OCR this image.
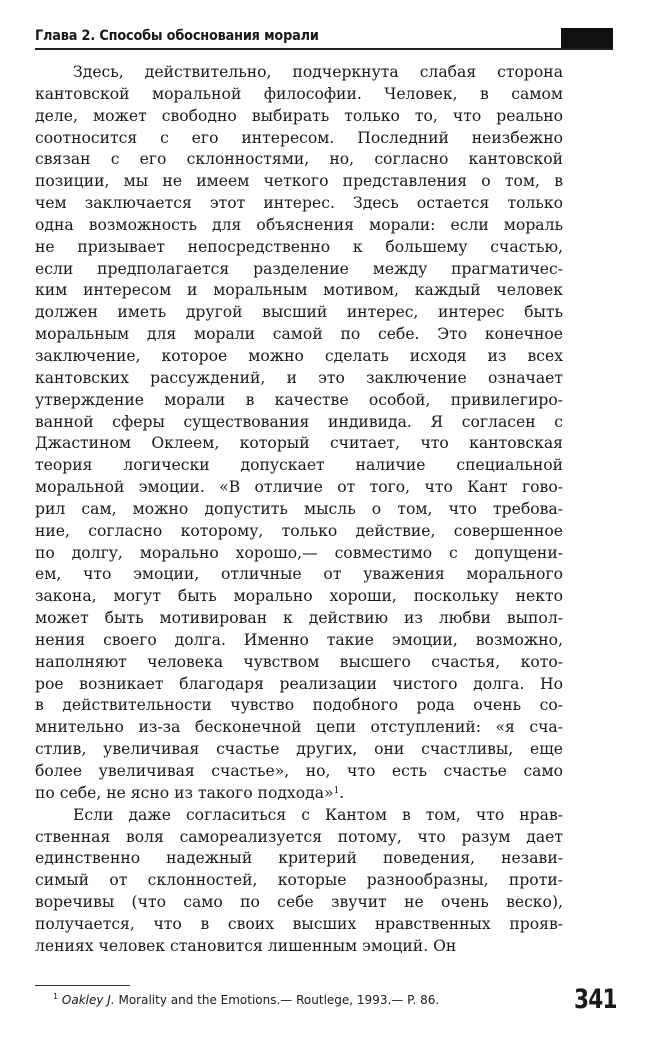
Глава 2. Способы обоснования морали
Здесь, действительно, подчеркнута слабая сторона
кантовской моральной философии. Человек, в самом
деле, может свободно выбирать только то, что реально
соотносится с его интересом. Последний неизбежно
связан с его склонностями, но, согласно кантовской
позиции, мы не имеем четкого представления о том, в
чем заключается этот интерес. Здесь остается только
одна возможность для объяснения морали: если мораль
не призывает непосредственно к большему счастью,
если предполагается разделение между прагматичес-
ким интересом и моральным мотивом, каждый человек
должен иметь другой высший интерес, интерес быть
моральным для морали самой по себе. Это конечное
заключение, которое можно сделать исходя из всех
кантовских рассуждений, и это заключение означает
утверждение морали в качестве особой, привилегиро-
ванной сферы существования индивида. Я согласен с
Джастином Оклеем, который считает, что кантовская
теория логически допускает наличие специальной
моральной эмоции. «В отличие от того, что Кант гово-
рил сам, можно допустить мысль о том, что требова-
ние, согласно которому, только действие, совершенное
по долгу, морально хорошо,— совместимо с допущени-
ем, что эмоции, отличные от уважения морального
закона, могут быть морально хороши, поскольку некто
может быть мотивирован к действию из любви выпол-
нения своего долга. Именно такие эмоции, возможно,
наполняют человека чувством высшего счастья, кото-
рое возникает благодаря реализации чистого долга. Но
в действительности чувство подобного рода очень со-
мнительно из-за бесконечной цепи отступлений: «я сча-
стлив, увеличивая счастье других, они счастливы, еще
более увеличивая счастье», но, что есть счастье само
по себе, не ясно из такого подхода»$^1$.
Если даже согласиться с Кантом в том, что нрав-
ственная воля самореализуется потому, что разум дает
единственно надежный критерий поведения, незави-
симый от склонностей, которые разнообразны, проти-
воречивы (что само по себе звучит не очень веско),
получается, что в своих высших нравственных прояв-
лениях человек становится лишенным эмоций. Он
$^1$ Oakley J. Morality and the Emotions.— Routlege, 1993.— P. 86.	341
